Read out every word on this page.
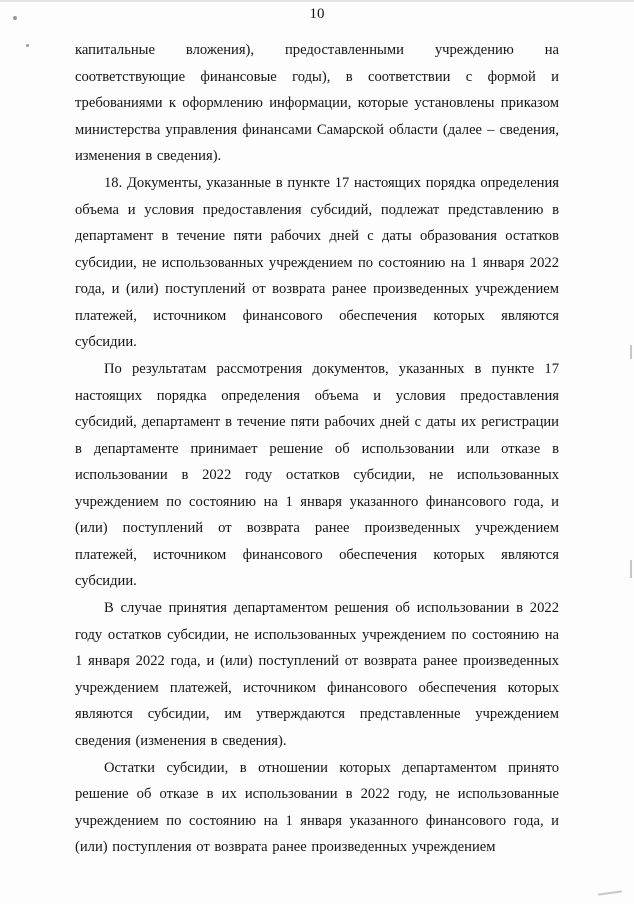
10

капитальные вложения), предоставленными учреждению на соответствующие финансовые годы), в соответствии с формой и требованиями к оформлению информации, которые установлены приказом министерства управления финансами Самарской области (далее – сведения, изменения в сведения).

18. Документы, указанные в пункте 17 настоящих порядка определения объема и условия предоставления субсидий, подлежат представлению в департамент в течение пяти рабочих дней с даты образования остатков субсидии, не использованных учреждением по состоянию на 1 января 2022 года, и (или) поступлений от возврата ранее произведенных учреждением платежей, источником финансового обеспечения которых являются субсидии.

По результатам рассмотрения документов, указанных в пункте 17 настоящих порядка определения объема и условия предоставления субсидий, департамент в течение пяти рабочих дней с даты их регистрации в департаменте принимает решение об использовании или отказе в использовании в 2022 году остатков субсидии, не использованных учреждением по состоянию на 1 января указанного финансового года, и (или) поступлений от возврата ранее произведенных учреждением платежей, источником финансового обеспечения которых являются субсидии.

В случае принятия департаментом решения об использовании в 2022 году остатков субсидии, не использованных учреждением по состоянию на 1 января 2022 года, и (или) поступлений от возврата ранее произведенных учреждением платежей, источником финансового обеспечения которых являются субсидии, им утверждаются представленные учреждением сведения (изменения в сведения).

Остатки субсидии, в отношении которых департаментом принято решение об отказе в их использовании в 2022 году, не использованные учреждением по состоянию на 1 января указанного финансового года, и (или) поступления от возврата ранее произведенных учреждением
